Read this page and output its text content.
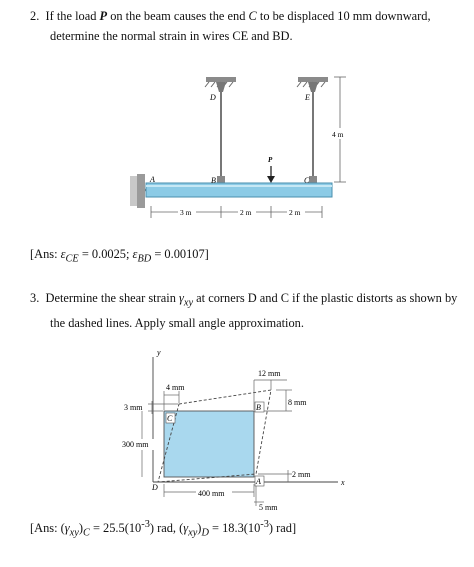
2. If the load P on the beam causes the end C to be displaced 10 mm downward,
determine the normal strain in wires CE and BD.
D	E
B	C
A
P
4 m
3 m	2 m	2 m
[Ans: $\varepsilon_{CE} = 0.0025$; $\varepsilon_{BD} = 0.00107$]
3. Determine the shear strain $\gamma_{xy}$ at corners D and C if the plastic distorts as shown by
the dashed lines. Apply small angle approximation.
y
x
C
D
A
B
12 mm
4 mm
8 mm
3 mm
300 mm
2 mm
400 mm
5 mm
[Ans: $(\gamma_{xy})_C = 25.5(10^{-3})$ rad, $(\gamma_{xy})_D = 18.3(10^{-3})$ rad]
